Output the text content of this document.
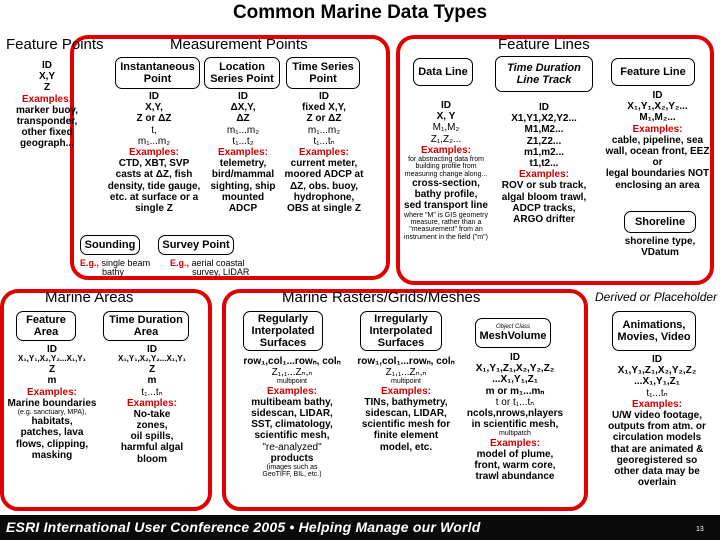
Common Marine Data Types
Feature Points	Measurement Points	Feature Lines
Marine Areas	Marine Rasters/Grids/Meshes	Derived or Placeholder
ID
X,Y
Z
Examples:
marker buoy,
transponder,
other fixed
geograph...
Instantaneous Point
Location Series Point
Time Series Point
ID
X,Y,
Z or ΔZ
t,
m₁...m₂
Examples:
CTD, XBT, SVP
casts at ΔZ, fish
density, tide gauge,
etc. at surface or a
single Z
ID
ΔX,Y,
ΔZ
m₁...m₂
t₁...t₂
Examples:
telemetry,
bird/mammal
sighting, ship
mounted
ADCP
ID
fixed X,Y,
Z or ΔZ
m₁...m₂
t₁...tₙ
Examples:
current meter,
moored ADCP at
ΔZ, obs. buoy,
hydrophone,
OBS at single Z
Sounding
E.g., single beam
bathy
Survey Point
E.g., aerial coastal
survey, LIDAR
Data Line	Time Duration Line Track
Feature Line
ID
X, Y
M₁,M₂
Z₁,Z₂...
Examples:
for abstracting data from
building profile from
measuring change along...
cross-section,
bathy profile,
sed transport line
where "M" is GIS geometry
measure, rather than a
"measurement" from an
instrument in the field ("m")
ID
X1,Y1,X2,Y2...
M1,M2...
Z1,Z2...
m1,m2...
t1,t2...
Examples:
ROV or sub track,
algal bloom trawl,
ADCP tracks,
ARGO drifter
ID
X₁,Y₁,X₂,Y₂...
M₁,M₂...
Examples:
cable, pipeline, sea
wall, ocean front, EEZ
or
legal boundaries NOT
enclosing an area
Shoreline
shoreline type,
VDatum
Feature Area
Time Duration Area
ID
X₁,Y₁,X₂,Y₂...X₁,Y₁
Z
m
Examples:
Marine boundaries
(e.g. sanctuary, MPA),
habitats,
patches, lava
flows, clipping,
masking
ID
X₁,Y₁,X₂,Y₂...X₁,Y₁
Z
m
t₁...tₙ
Examples:
No-take
zones,
oil spills,
harmful algal
bloom
Regularly Interpolated Surfaces
Irregularly Interpolated Surfaces
Object Class
MeshVolume
row₁,col₁...rowₙ, colₙ
Z₁,₁...Zₙ,ₙ
multipoint
Examples:
multibeam bathy,
sidescan, LIDAR,
SST, climatology,
scientific mesh,
"re-analyzed"
products
(images such as
GeoTIFF, BIL, etc.)
row₁,col₁...rowₙ, colₙ
Z₁,₁...Zₙ,ₙ
multipoint
Examples:
TINs, bathymetry,
sidescan, LIDAR,
scientific mesh for
finite element
model, etc.
ID
X₁,Y₁,Z₁,X₂,Y₂,Z₂
...X₁,Y₁,Z₁
m or m₁...mₙ
t or t₁...tₙ
ncols,nrows,nlayers
in scientific mesh,
multipatch
Examples:
model of plume,
front, warm core,
trawl abundance
Animations, Movies, Video
ID
X₁,Y₁,Z₁,X₂,Y₂,Z₂
...X₁,Y₁,Z₁
t₁...tₙ
Examples:
U/W video footage,
outputs from atm. or
circulation models
that are animated &
georegistered so
other data may be
overlain
ESRI International User Conference 2005 • Helping Manage our World	13
